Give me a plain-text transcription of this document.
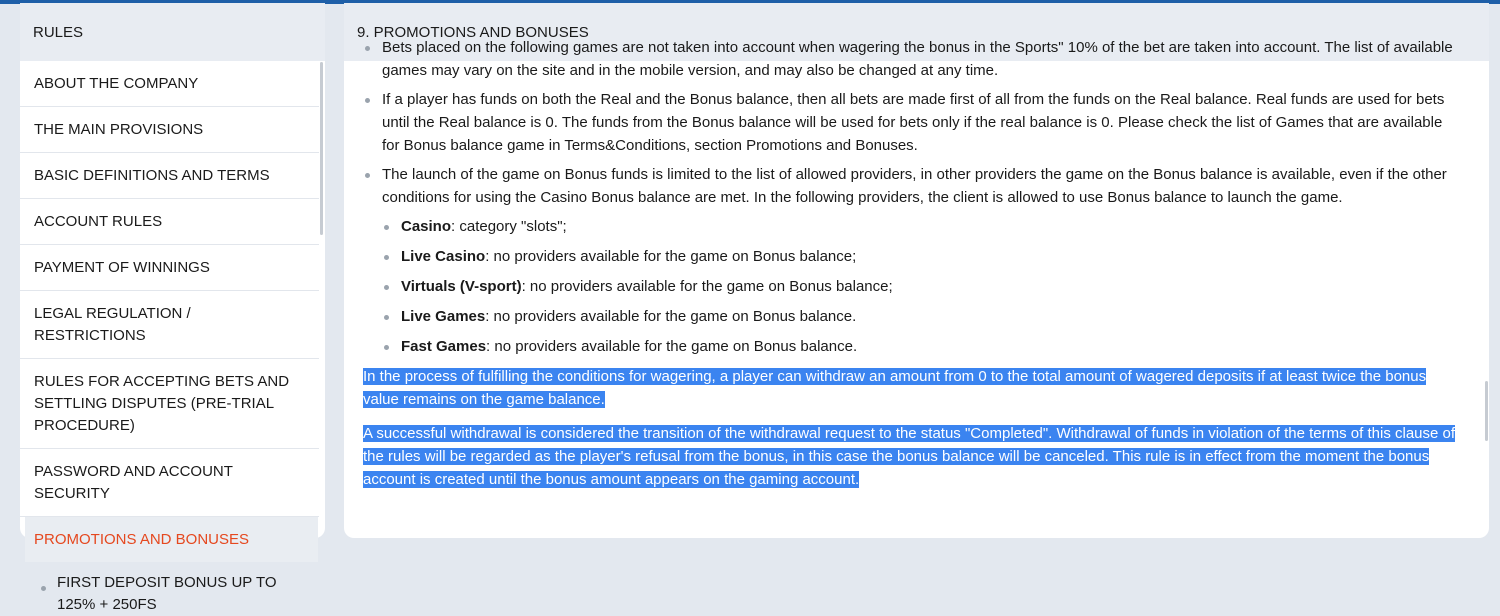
RULES
ABOUT THE COMPANY
THE MAIN PROVISIONS
BASIC DEFINITIONS AND TERMS
ACCOUNT RULES
PAYMENT OF WINNINGS
LEGAL REGULATION / RESTRICTIONS
RULES FOR ACCEPTING BETS AND SETTLING DISPUTES (PRE-TRIAL PROCEDURE)
PASSWORD AND ACCOUNT SECURITY
PROMOTIONS AND BONUSES
FIRST DEPOSIT BONUS UP TO 125% + 250FS
9. PROMOTIONS AND BONUSES
Bets placed on the following games are not taken into account when wagering the bonus in the Sports" 10% of the bet are taken into account. The list of available games may vary on the site and in the mobile version, and may also be changed at any time.
If a player has funds on both the Real and the Bonus balance, then all bets are made first of all from the funds on the Real balance. Real funds are used for bets until the Real balance is 0. The funds from the Bonus balance will be used for bets only if the real balance is 0. Please check the list of Games that are available for Bonus balance game in Terms&Conditions, section Promotions and Bonuses.
The launch of the game on Bonus funds is limited to the list of allowed providers, in other providers the game on the Bonus balance is available, even if the other conditions for using the Casino Bonus balance are met. In the following providers, the client is allowed to use Bonus balance to launch the game.
Casino: category "slots";
Live Casino: no providers available for the game on Bonus balance;
Virtuals (V-sport): no providers available for the game on Bonus balance;
Live Games: no providers available for the game on Bonus balance.
Fast Games: no providers available for the game on Bonus balance.

In the process of fulfilling the conditions for wagering, a player can withdraw an amount from 0 to the total amount of wagered deposits if at least twice the bonus value remains on the game balance.

A successful withdrawal is considered the transition of the withdrawal request to the status "Completed". Withdrawal of funds in violation of the terms of this clause of the rules will be regarded as the player's refusal from the bonus, in this case the bonus balance will be canceled. This rule is in effect from the moment the bonus account is created until the bonus amount appears on the gaming account.
